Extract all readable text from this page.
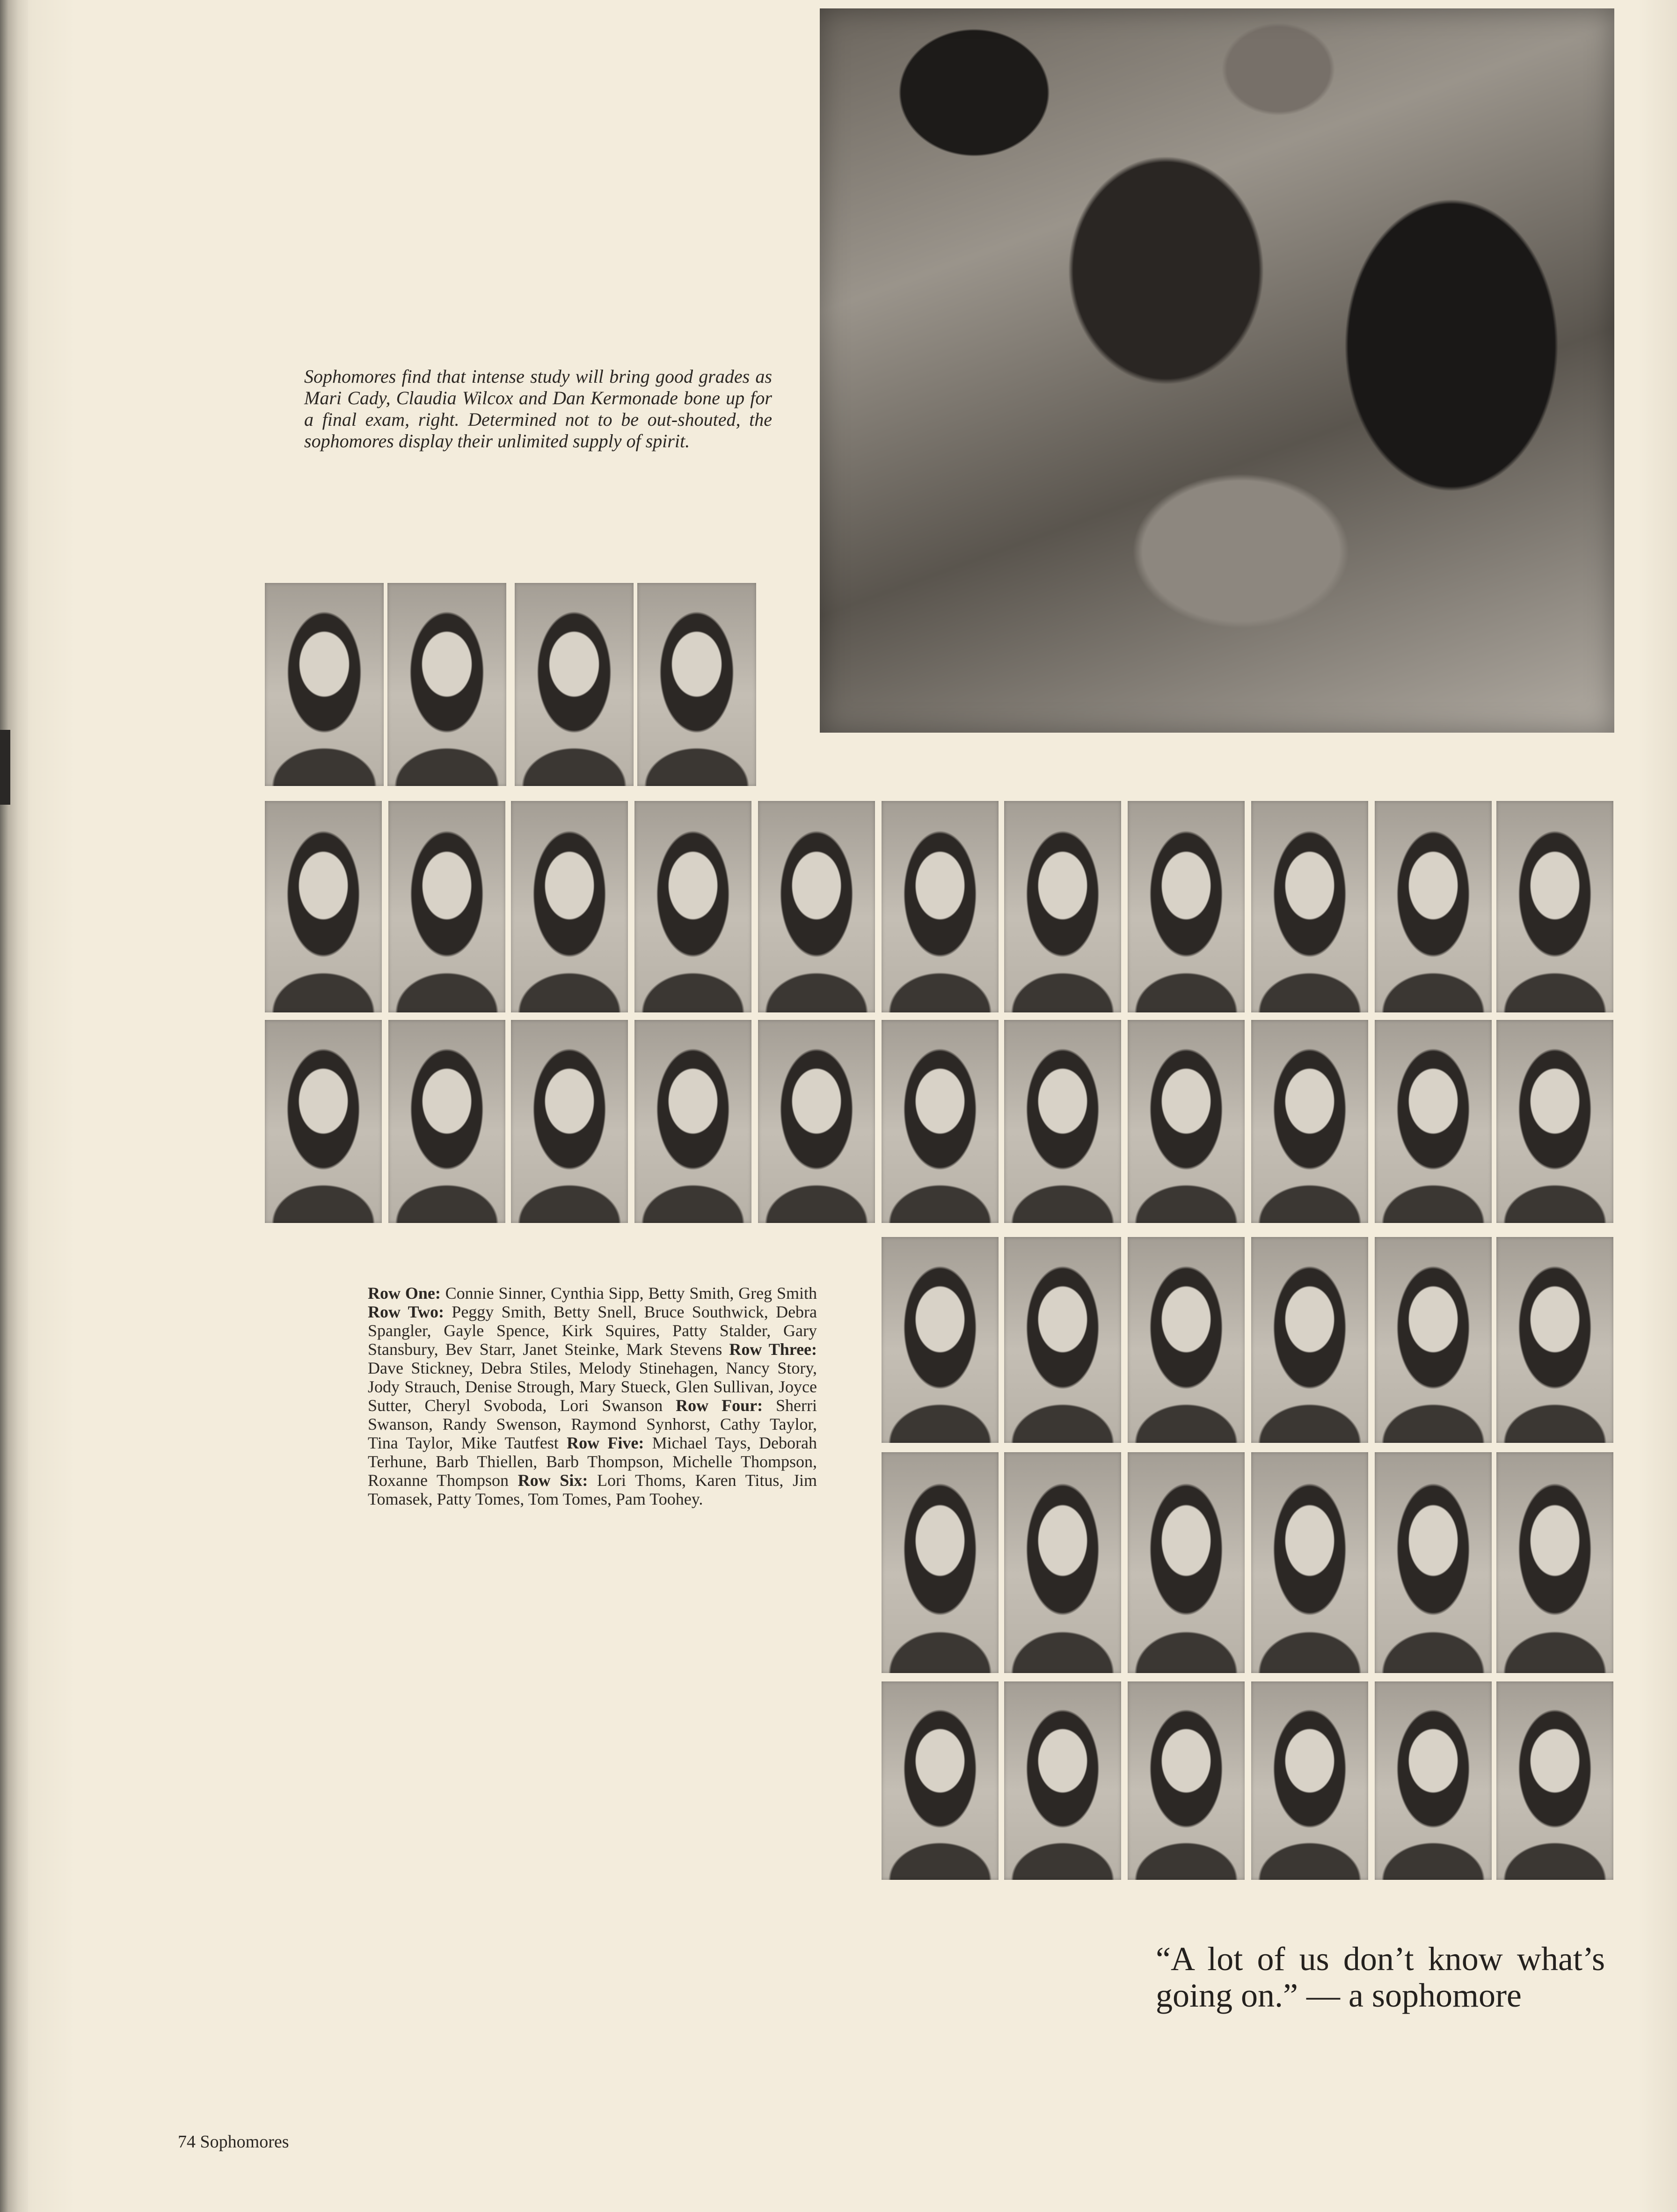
Sophomores find that intense study will bring good grades as Mari Cady, Claudia Wilcox and Dan Kermonade bone up for a final exam, right. Determined not to be out-shouted, the sophomores display their unlimited supply of spirit.
Row One: Connie Sinner, Cynthia Sipp, Betty Smith, Greg Smith Row Two: Peggy Smith, Betty Snell, Bruce Southwick, Debra Spangler, Gayle Spence, Kirk Squires, Patty Stalder, Gary Stansbury, Bev Starr, Janet Steinke, Mark Stevens Row Three: Dave Stickney, Debra Stiles, Melody Stinehagen, Nancy Story, Jody Strauch, Denise Strough, Mary Stueck, Glen Sullivan, Joyce Sutter, Cheryl Svoboda, Lori Swanson Row Four: Sherri Swanson, Randy Swenson, Raymond Synhorst, Cathy Taylor, Tina Taylor, Mike Tautfest Row Five: Michael Tays, Deborah Terhune, Barb Thiellen, Barb Thompson, Michelle Thompson, Roxanne Thompson Row Six: Lori Thoms, Karen Titus, Jim Tomasek, Patty Tomes, Tom Tomes, Pam Toohey.
“A lot of us don’t know what’s going on.” — a sophomore
74 Sophomores
